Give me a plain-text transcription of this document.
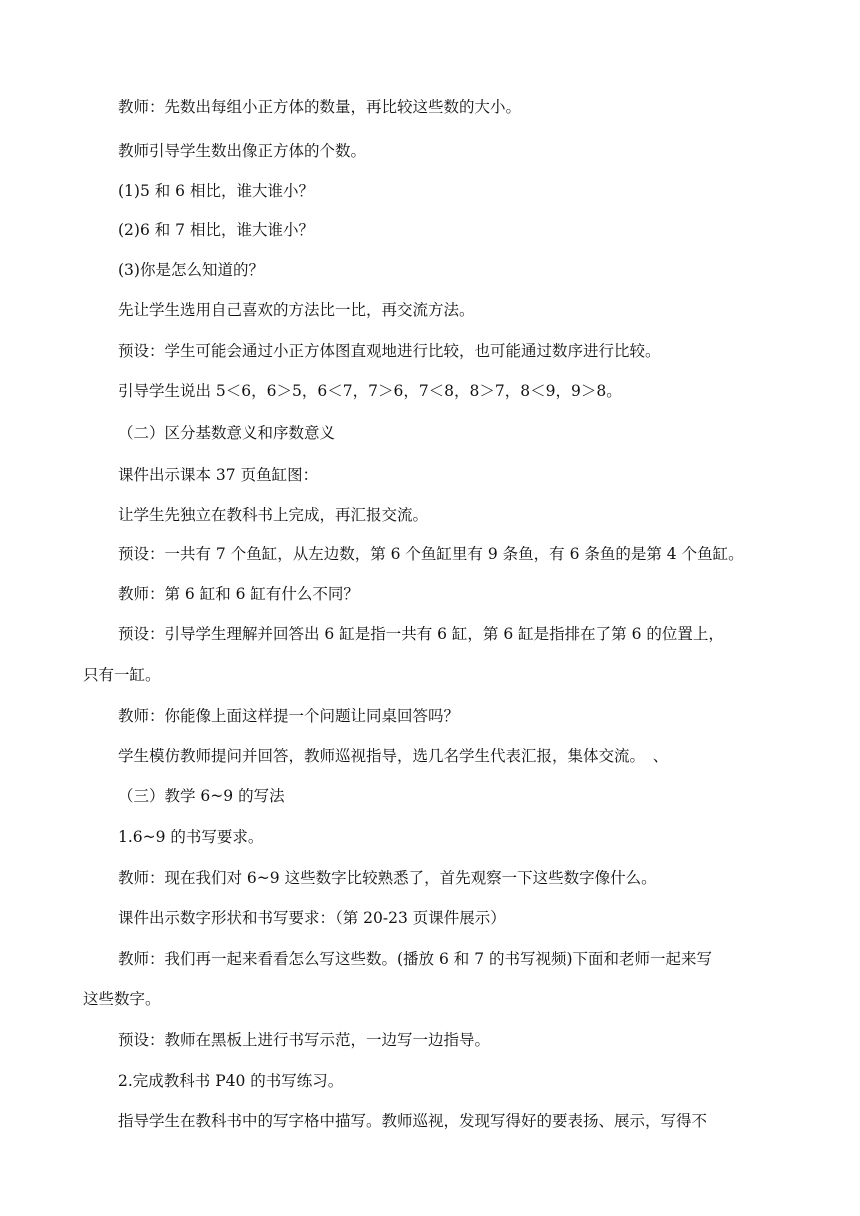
教师：先数出每组小正方体的数量，再比较这些数的大小。
教师引导学生数出像正方体的个数。
(1)5 和 6 相比，谁大谁小？
(2)6 和 7 相比，谁大谁小？
(3)你是怎么知道的？
先让学生选用自己喜欢的方法比一比，再交流方法。
预设：学生可能会通过小正方体图直观地进行比较，也可能通过数序进行比较。
引导学生说出 5＜6，6＞5，6＜7，7＞6，7＜8，8＞7，8＜9，9＞8。
（二）区分基数意义和序数意义
课件出示课本 37 页鱼缸图：
让学生先独立在教科书上完成，再汇报交流。
预设：一共有 7 个鱼缸，从左边数，第 6 个鱼缸里有 9 条鱼，有 6 条鱼的是第 4 个鱼缸。
教师：第 6 缸和 6 缸有什么不同？
预设：引导学生理解并回答出 6 缸是指一共有 6 缸，第 6 缸是指排在了第 6 的位置上，
只有一缸。
教师：你能像上面这样提一个问题让同桌回答吗？
学生模仿教师提问并回答，教师巡视指导，选几名学生代表汇报，集体交流。　、
（三）教学 6~9 的写法
1.6~9 的书写要求。
教师：现在我们对 6~9 这些数字比较熟悉了，首先观察一下这些数字像什么。
课件出示数字形状和书写要求：（第 20-23 页课件展示）
教师：我们再一起来看看怎么写这些数。(播放 6 和 7 的书写视频)下面和老师一起来写
这些数字。
预设：教师在黑板上进行书写示范，一边写一边指导。
2.完成教科书 P40 的书写练习。
指导学生在教科书中的写字格中描写。教师巡视，发现写得好的要表扬、展示，写得不
